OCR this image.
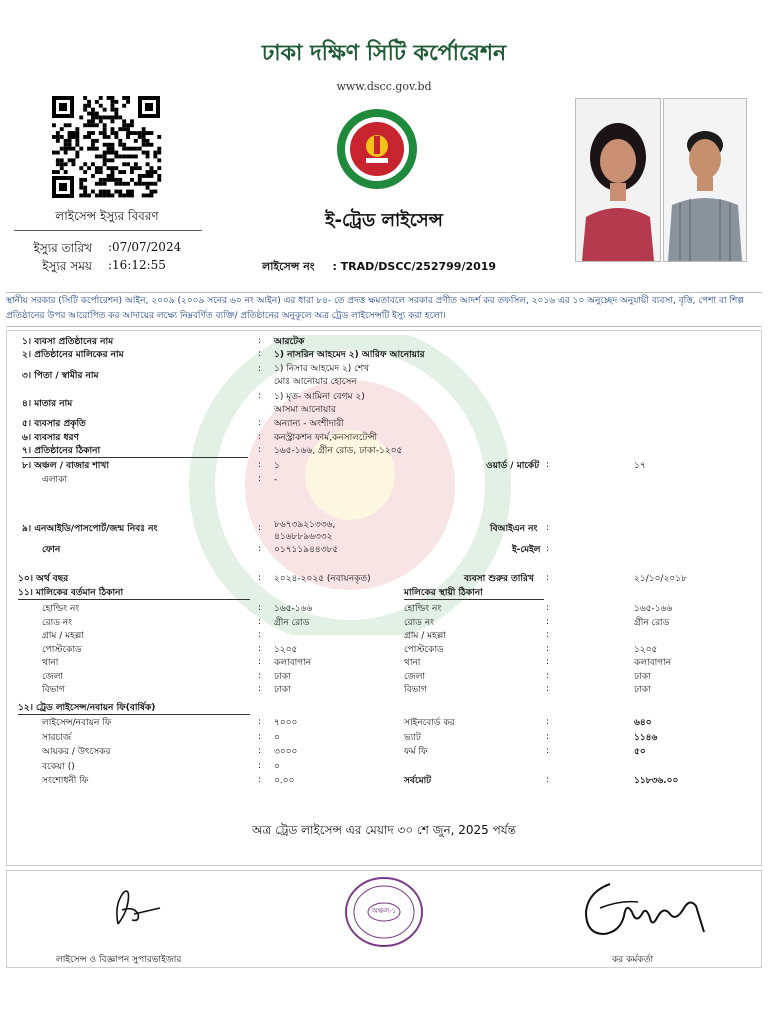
ঢাকা দক্ষিণ সিটি কর্পোরেশন
www.dscc.gov.bd
লাইসেন্স ইস্যুর বিবরণ
ইস্যুর তারিখ :07/07/2024
ইস্যুর সময় :16:12:55
ই-ট্রেড লাইসেন্স
লাইসেন্স নং : TRAD/DSCC/252799/2019
স্থানীয় সরকার (সিটি কর্পোরেশন) আইন, ২০০৯ (২০০৯ সনের ৬০ নং আইন) এর ধারা ৮৪- তে প্রদত্ত ক্ষমতাবলে সরকার প্রণীত আদর্শ কর তফসিল, ২০১৬ এর ১০ অনুচ্ছেদ অনুযায়ী ব্যবসা, বৃত্তি, পেশা বা শিল্প প্রতিষ্ঠানের উপর আরোপিত কর আদায়ের লক্ষ্যে নিম্নবর্ণিত ব্যক্তি/ প্রতিষ্ঠানের অনুকূলে অত্র ট্রেড লাইসেন্সটি ইস্যু করা হলো।
১। ব্যবসা প্রতিষ্ঠানের নাম	: আরটেক
২। প্রতিষ্ঠানের মালিকের নাম	: ১) নাসরিন আহমেদ ২) আরিফ আনোয়ার
৩। পিতা / স্বামীর নাম
: ১) নিসার আহমেদ ২) শেখ
মোঃ আনোয়ার হোসেন
৪। মাতার নাম
: ১) মৃত- আমিনা বেগম ২)
আসমা আনোয়ার
৫। ব্যবসার প্রকৃতি	: অন্যান্য - অংশীদারী
৬। ব্যবসার ধরণ	: কনস্ট্রাকশন ফার্ম,কনসালটেন্সী
৭। প্রতিষ্ঠানের ঠিকানা	: ১৬৫-১৬৬, গ্রীন রোড, ঢাকা-১২০৫
৮। অঞ্চল / বাজার শাখা	: ১	ওয়ার্ড / মার্কেট :	১৭
এলাকা	: -
৯। এনআইডি/পাসপোর্ট/জন্ম নিবঃ নং	: ৮৬৭৩৯২১৩৩৬,
৪১৬৮৮৯৬৩৩২
বিআইএন নং :
ফোন	: ০১৭১১৯৪৪৩৮৫	ই-মেইল :
১০। অর্থ বছর	: ২০২৪-২০২৫ (নবায়নকৃত)	ব্যবসা শুরুর তারিখ :	২১/১০/২০১৮
১১। মালিকের বর্তমান ঠিকানা	মালিকের স্থায়ী ঠিকানা
হোল্ডিং নং	: ১৬৫-১৬৬	হোল্ডিং নং	:	১৬৫-১৬৬
রোড নং	: গ্রীন রোড	রোড নং	:	গ্রীন রোড
গ্রাম / মহল্লা	:	গ্রাম / মহল্লা	:
পোস্টকোড	: ১২০৫	পোস্টকোড	:	১২০৫
থানা	: কলাবাগান	থানা	:	কলাবাগান
জেলা	: ঢাকা	জেলা	:	ঢাকা
বিভাগ	: ঢাকা	বিভাগ	:	ঢাকা
১২। ট্রেড লাইসেন্স/নবায়ন ফি(বার্ষিক)
লাইসেন্স/নবায়ন ফি	: ৭০০০	সাইনবোর্ড কর	:	৬৪০
সারচার্জ	: ০	ভ্যাট	:	১১৪৬
আয়কর / উৎসেকর	: ৩০০০	ফর্ম ফি	:	৫০
বকেয়া ()	: ০
সংশোধনী ফি	: ০.০০	সর্বমোট	:	১১৮৩৬.০০
অত্র ট্রেড লাইসেন্স এর মেয়াদ ৩০ শে জুন, 2025 পর্যন্ত
অঞ্চল-১
লাইসেন্স ও বিজ্ঞাপন সুপারভাইজার	কর কর্মকর্তা
